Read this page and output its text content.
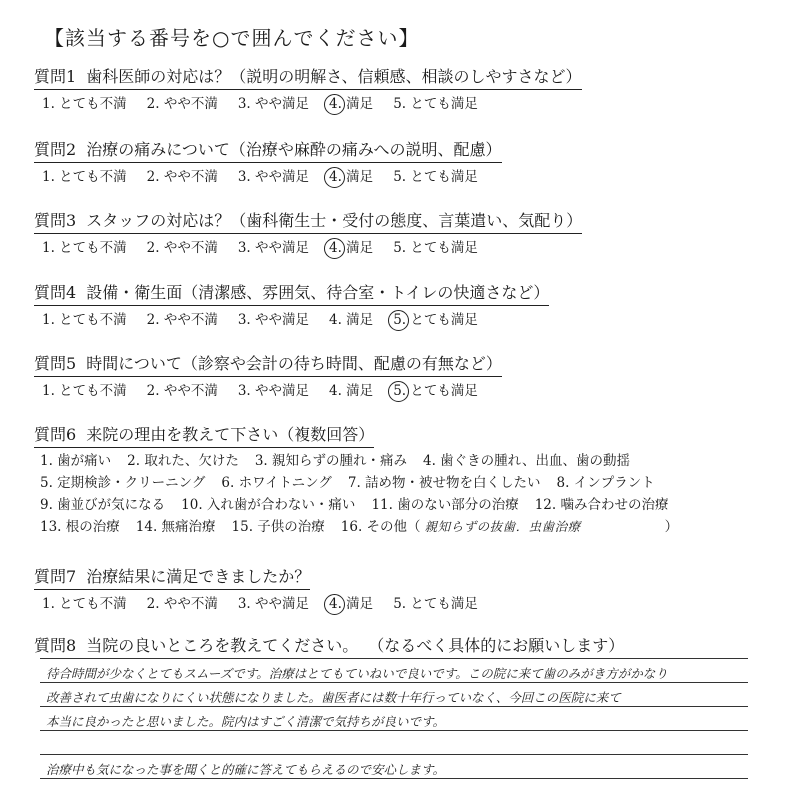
【該当する番号を○で囲んでください】
質問1 歯科医師の対応は？（説明の明解さ、信頼感、相談のしやすさなど）
1. とても不満 2. やや不満 3. やや満足 4. 満足 5. とても満足
質問2 治療の痛みについて（治療や麻酔の痛みへの説明、配慮）
1. とても不満 2. やや不満 3. やや満足 4. 満足 5. とても満足
質問3 スタッフの対応は？（歯科衛生士・受付の態度、言葉遣い、気配り）
1. とても不満 2. やや不満 3. やや満足 4. 満足 5. とても満足
質問4 設備・衛生面（清潔感、雰囲気、待合室・トイレの快適さなど）
1. とても不満 2. やや不満 3. やや満足 4. 満足 5. とても満足
質問5 時間について（診察や会計の待ち時間、配慮の有無など）
1. とても不満 2. やや不満 3. やや満足 4. 満足 5. とても満足
質問6 来院の理由を教えて下さい（複数回答）
1. 歯が痛い 2. 取れた、欠けた 3. 親知らずの腫れ・痛み 4. 歯ぐきの腫れ、出血、歯の動揺
5. 定期検診・クリーニング 6. ホワイトニング 7. 詰め物・被せ物を白くしたい 8. インプラント
9. 歯並びが気になる 10. 入れ歯が合わない・痛い 11. 歯のない部分の治療 12. 噛み合わせの治療
13. 根の治療 14. 無痛治療 15. 子供の治療 16. その他（ 親知らずの抜歯．虫歯治療	）
質問7 治療結果に満足できましたか？
1. とても不満 2. やや不満 3. やや満足 4. 満足 5. とても満足
質問8 当院の良いところを教えてください。 （なるべく具体的にお願いします）
待合時間が少なくとてもスムーズです。治療はとてもていねいで良いです。この院に来て歯のみがき方がかなり
改善されて虫歯になりにくい状態になりました。歯医者には数十年行っていなく、今回この医院に来て
本当に良かったと思いました。院内はすごく清潔で気持ちが良いです。
治療中も気になった事を聞くと的確に答えてもらえるので安心します。
